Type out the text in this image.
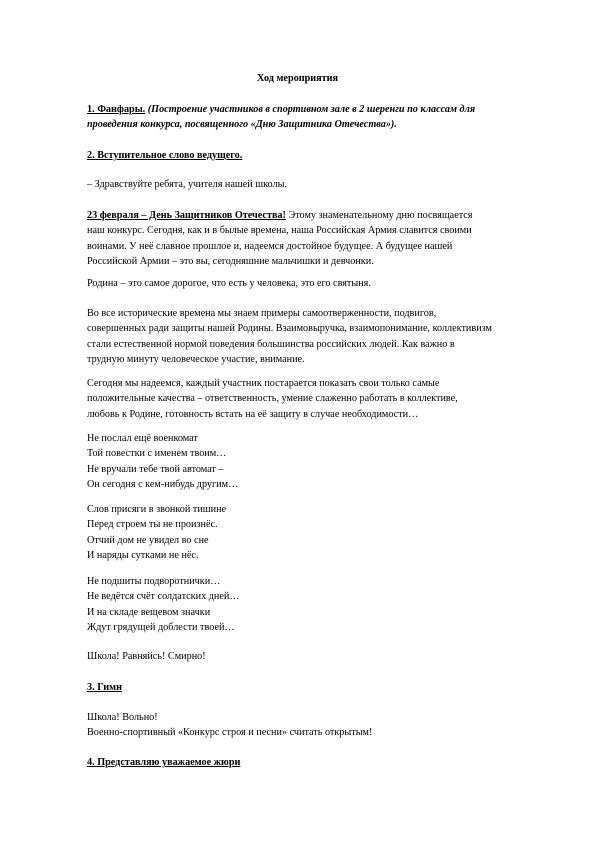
Ход мероприятия
1. Фанфары. (Построение участников в спортивном зале в 2 шеренги по классам для
проведения конкурса, посвященного «Дню Защитника Отечества»).
2. Вступительное слово ведущего.
– Здравствуйте ребята, учителя нашей школы.
23 февраля – День Защитников Отечества! Этому знаменательному дню посвящается
наш конкурс. Сегодня, как и в былые времена, наша Российская Армия славится своими
воинами. У неё славное прошлое и, надеемся достойное будущее. А будущее нашей
Российской Армии – это вы, сегодняшние мальчишки и девчонки.
Родина – это самое дорогое, что есть у человека, это его святыня.
Во все исторические времена мы знаем примеры самоотверженности, подвигов,
совершенных ради защиты нашей Родины. Взаимовыручка, взаимопонимание, коллективизм
стали естественной нормой поведения большинства российских людей. Как важно в
трудную минуту человеческое участие, внимание.
Сегодня мы надеемся, каждый участник постарается показать свои только самые
положительные качества – ответственность, умение слаженно работать в коллективе,
любовь к Родине, готовность встать на её защиту в случае необходимости…
Не послал ещё военкомат
Той повестки с именем твоим…
Не вручали тебе твой автомат –
Он сегодня с кем-нибудь другим…
Слов присяги в звонкой тишине
Перед строем ты не произнёс.
Отчий дом не увидел во сне
И наряды сутками не нёс.
Не подшиты подворотнички…
Не ведётся счёт солдатских дней…
И на складе вещевом значки
Ждут грядущей доблести твоей…
Школа! Равняйсь! Смирно!
3. Гимн
Школа! Вольно!
Военно-спортивный «Конкурс строя и песни» считать открытым!
4. Представляю уважаемое жюри
